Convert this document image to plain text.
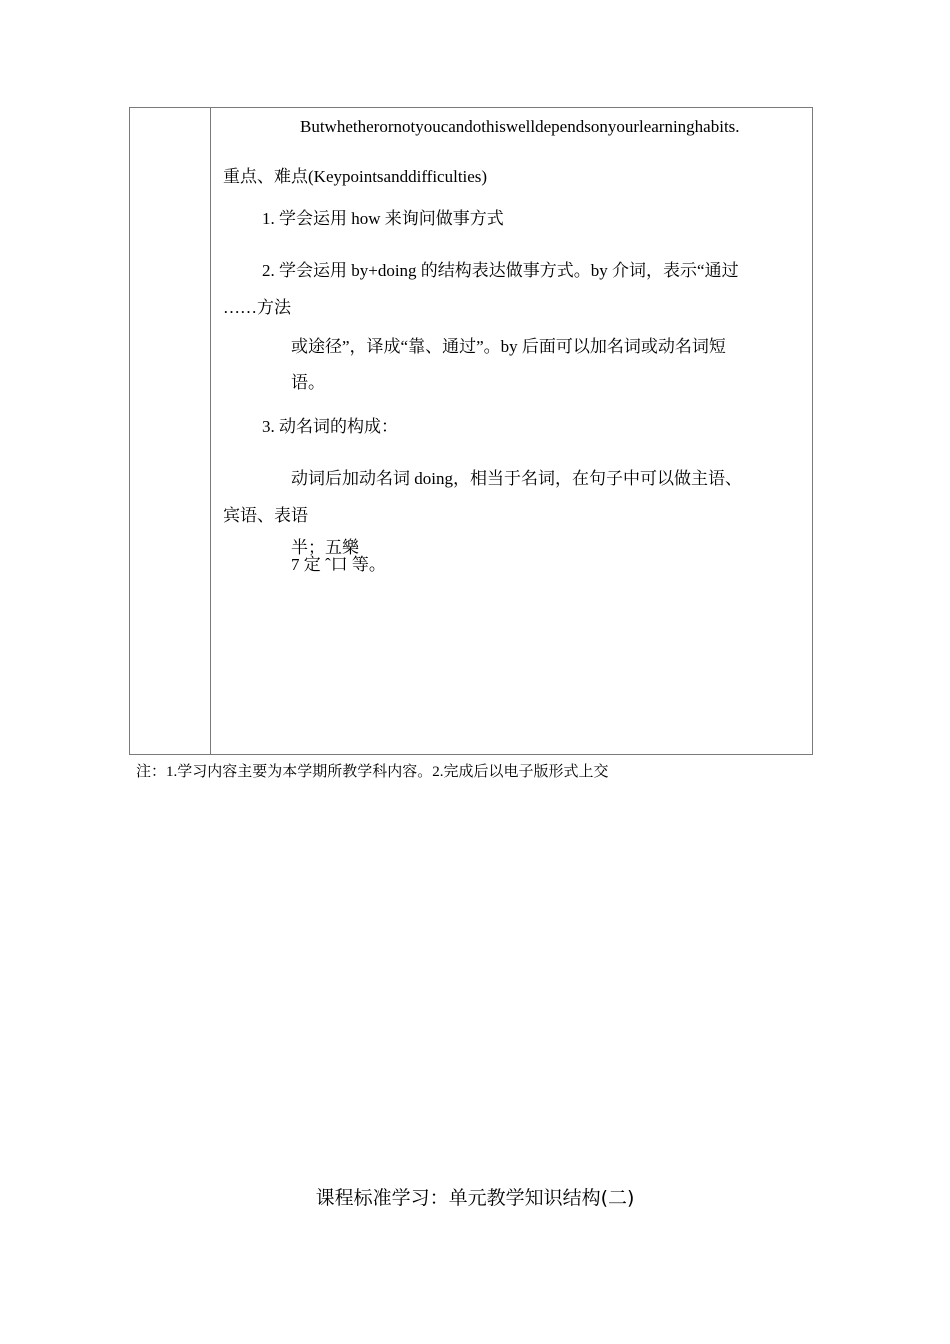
Butwhetherornotyoucandothiswelldependsonyourlearninghabits.
重点、难点(Keypointsanddifficulties)
1. 学会运用 how 来询问做事方式
2. 学会运用 by+doing 的结构表达做事方式。by 介词，表示“通过
……方法
或途径”，译成“靠、通过”。by 后面可以加名词或动名词短
语。
3. 动名词的构成：
动词后加动名词 doing，相当于名词，在句子中可以做主语、
宾语、表语
半；五樂
7 定 ˆ口 等。
注：1.学习内容主要为本学期所教学科内容。2.完成后以电子版形式上交
课程标准学习：单元教学知识结构(二)
